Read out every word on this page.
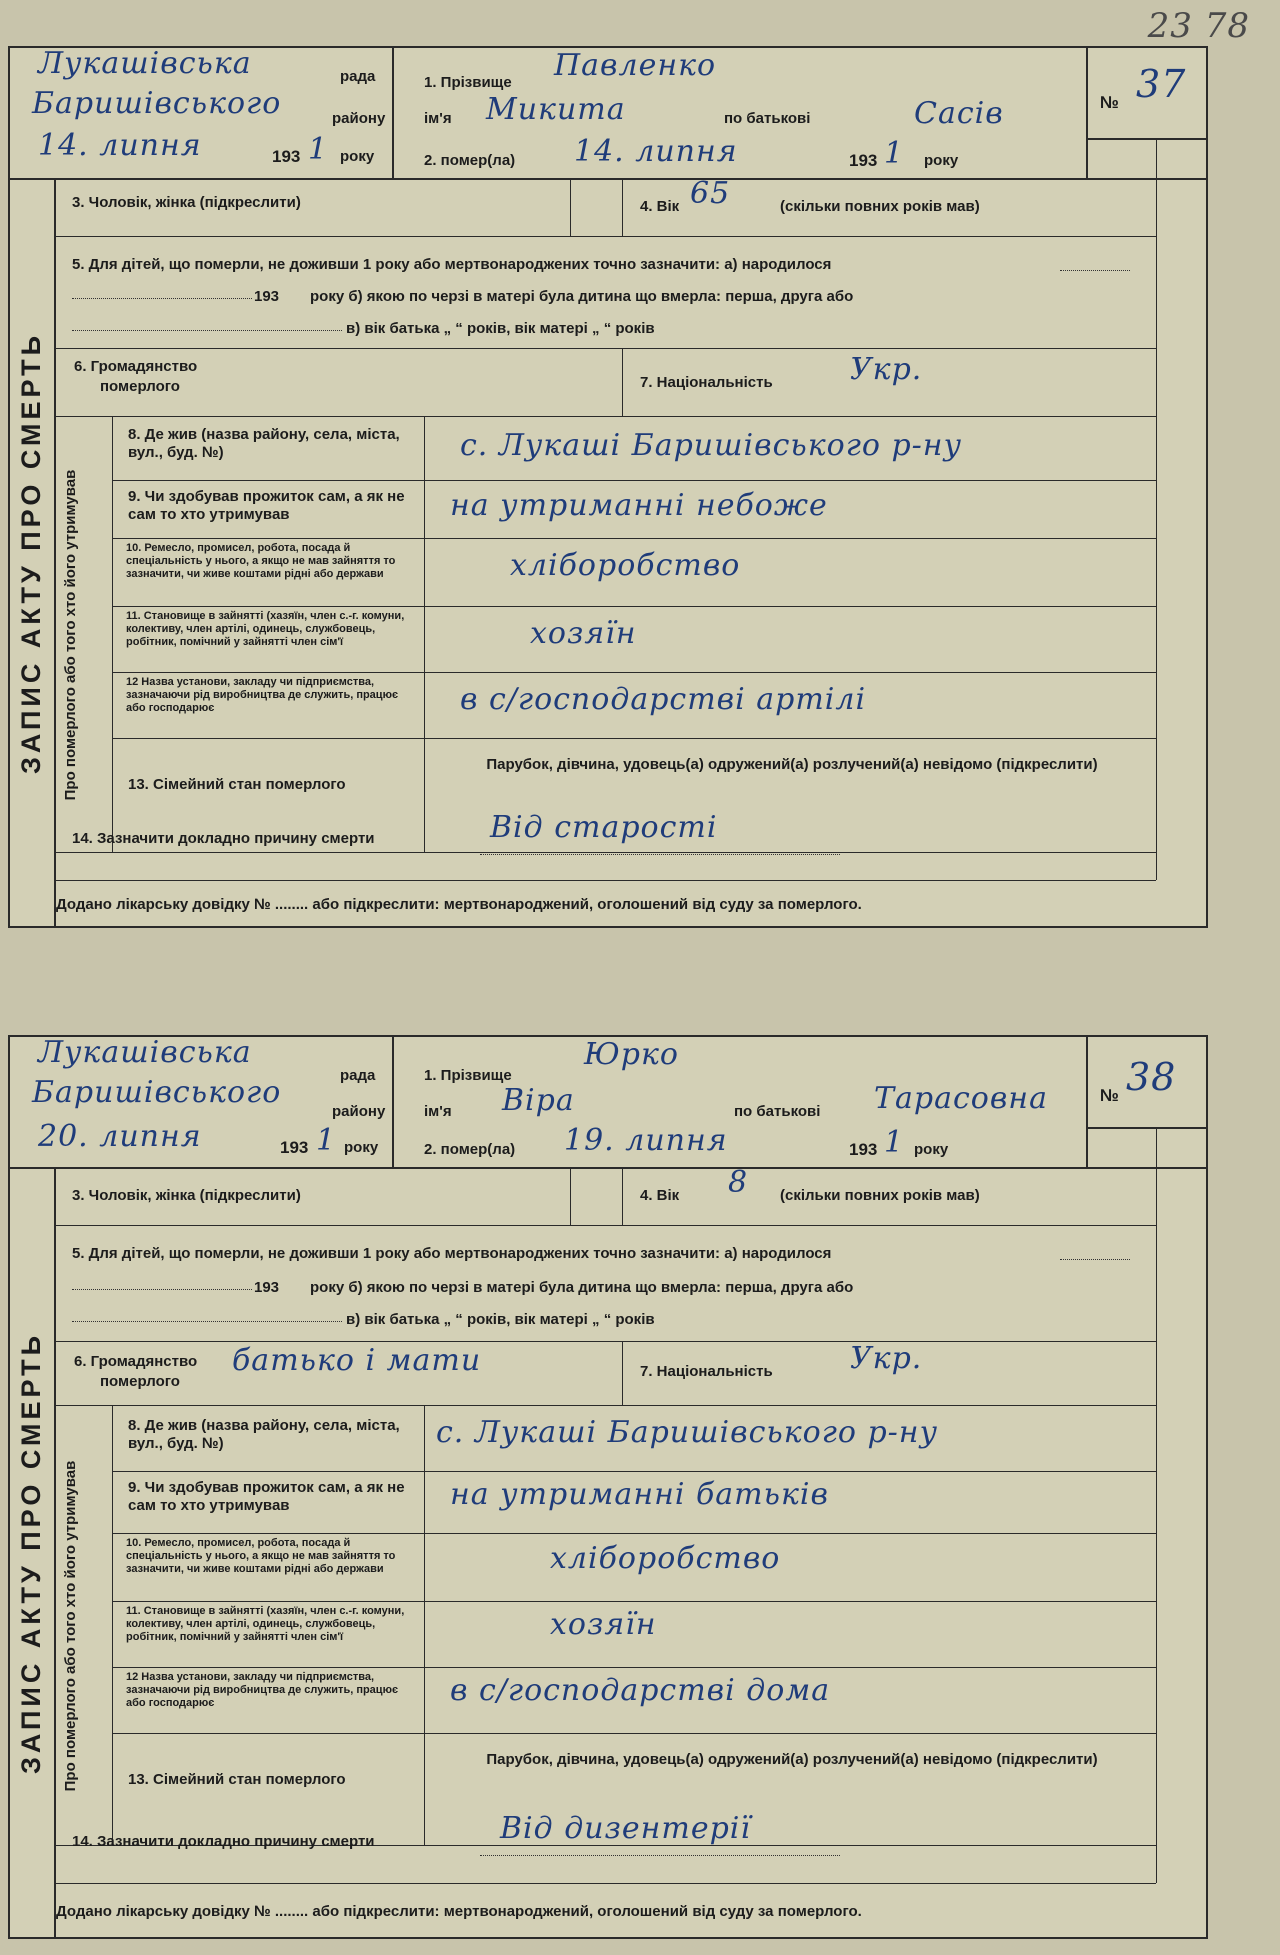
23 78
Лукашівська	рада
Баришівського	району
14. липня	193 1 року
1. Прізвище Павленко
ім'я Микита	по батькові	Сасів
2. помер(ла) 14. липня	193 1 року
№ 37
ЗАПИС АКТУ ПРО СМЕРТЬ
3. Чоловік, жінка (підкреслити)	4. Вік 65	(скільки повних років мав)
5. Для дітей, що померли, не доживши 1 року або мертвонароджених точно зазначити: а) народилося
193 року б) якою по черзі в матері була дитина що вмерла: перша, друга або
в) вік батька „ “ років, вік матері „ “ років
6. Громадянство
померлого	7. Національність	Укр.
Про померлого або того хто його утримував
8. Де жив (назва району, села, міста, вул., буд. №)	с. Лукаші Баришівського р-ну
9. Чи здобував прожиток сам, а як не сам то хто утримував	на утриманні небоже
10. Ремесло, промисел, робота, посада й спеціальність у нього, а якщо не мав зайняття то зазначити, чи живе коштами рідні або держави	хліборобство
11. Становище в зайнятті (хазяїн, член с.-г. комуни, колективу, член артілі, одинець, службовець, робітник, помічний у зайнятті член сім'ї	хозяїн
12 Назва установи, закладу чи підприємства, зазначаючи рід виробництва де служить, працює або господарює	в с/господарстві артілі
13. Сімейний стан померлого
Парубок, дівчина, удовець(а) одружений(а) розлучений(а) невідомо (підкреслити)
14. Зазначити докладно причину смерти	Від старості
Додано лікарську довідку № ........ або підкреслити: мертвонароджений, оголошений від суду за померлого.
Лукашівська
рада
Баришівського
району
20. липня	193 1 року
1. Прізвище
Юрко
ім'я Віра	по батькові Тарасовна
2. помер(ла) 19. липня	193 1 року
№ 38
ЗАПИС АКТУ ПРО СМЕРТЬ
3. Чоловік, жінка (підкреслити)	4. Вік 8 (скільки повних років мав)
5. Для дітей, що померли, не доживши 1 року або мертвонароджених точно зазначити: а) народилося
193 року б) якою по черзі в матері була дитина що вмерла: перша, друга або
в) вік батька „ “ років, вік матері „ “ років
6. Громадянство
померлого
батько і мати	7. Національність	Укр.
Про померлого або того хто його утримував
8. Де жив (назва району, села, міста, вул., буд. №)	с. Лукаші Баришівського р-ну
9. Чи здобував прожиток сам, а як не сам то хто утримував	на утриманні батьків
10. Ремесло, промисел, робота, посада й спеціальність у нього, а якщо не мав зайняття то зазначити, чи живе коштами рідні або держави	хліборобство
11. Становище в зайнятті (хазяїн, член с.-г. комуни, колективу, член артілі, одинець, службовець, робітник, помічний у зайнятті член сім'ї	хозяїн
12 Назва установи, закладу чи підприємства, зазначаючи рід виробництва де служить, працює або господарює	в с/господарстві дома
13. Сімейний стан померлого
Парубок, дівчина, удовець(а) одружений(а) розлучений(а) невідомо (підкреслити)
14. Зазначити докладно причину смерти	Від дизентерії
Додано лікарську довідку № ........ або підкреслити: мертвонароджений, оголошений від суду за померлого.
